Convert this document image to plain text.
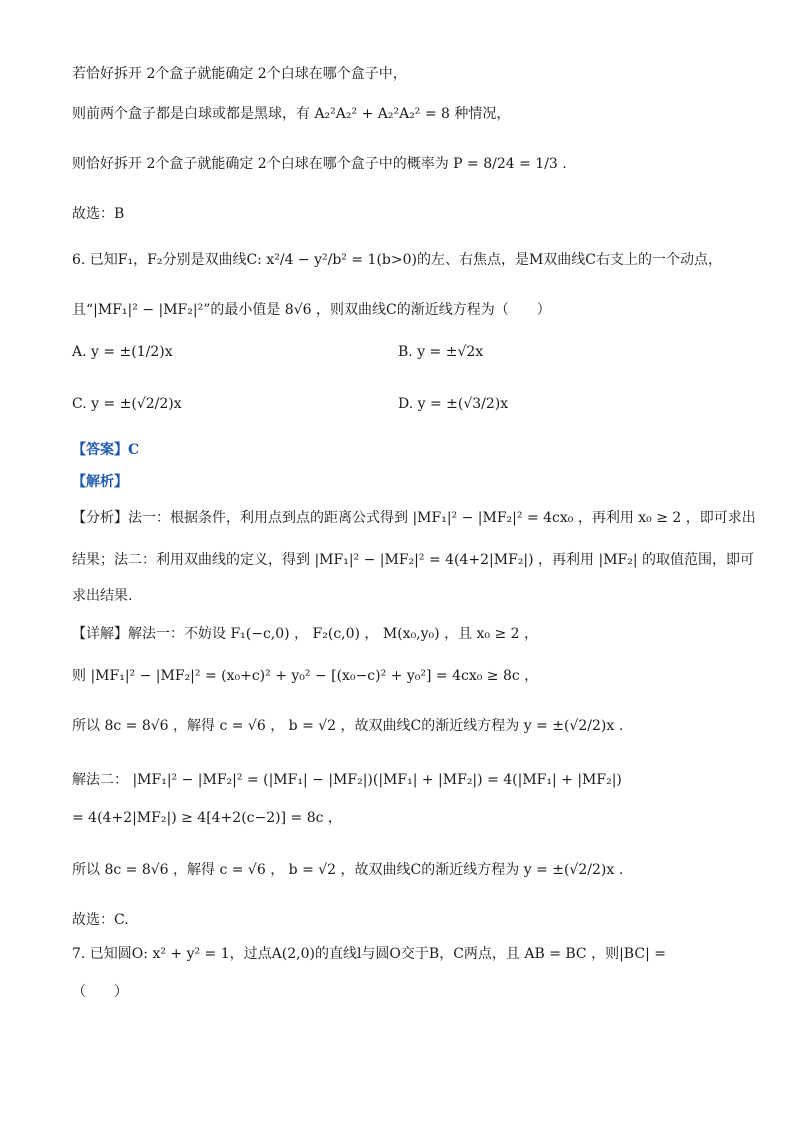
若恰好拆开 2个盒子就能确定 2个白球在哪个盒子中，
则前两个盒子都是白球或都是黑球，有 A₂²A₂² + A₂²A₂² = 8 种情况，
则恰好拆开 2个盒子就能确定 2个白球在哪个盒子中的概率为 P = 8/24 = 1/3 .
故选：B
6. 已知F₁，F₂分别是双曲线C: x²/4 − y²/b² = 1(b>0)的左、右焦点，是M双曲线C右支上的一个动点，
且“|MF₁|² − |MF₂|²”的最小值是 8√6 ，则双曲线C的渐近线方程为（　　）
A. y = ±(1/2)x	B. y = ±√2x
C. y = ±(√2/2)x	D. y = ±(√3/2)x
【答案】C
【解析】
【分析】法一：根据条件，利用点到点的距离公式得到 |MF₁|² − |MF₂|² = 4cx₀ ，再利用 x₀ ≥ 2 ，即可求出
结果；法二：利用双曲线的定义，得到 |MF₁|² − |MF₂|² = 4(4+2|MF₂|) ，再利用 |MF₂| 的取值范围，即可
求出结果.
【详解】解法一：不妨设 F₁(−c,0) ， F₂(c,0) ， M(x₀,y₀) ，且 x₀ ≥ 2 ，
则 |MF₁|² − |MF₂|² = (x₀+c)² + y₀² − [(x₀−c)² + y₀²] = 4cx₀ ≥ 8c ，
所以 8c = 8√6 ，解得 c = √6 ， b = √2 ，故双曲线C的渐近线方程为 y = ±(√2/2)x .
解法二： |MF₁|² − |MF₂|² = (|MF₁| − |MF₂|)(|MF₁| + |MF₂|) = 4(|MF₁| + |MF₂|)
= 4(4+2|MF₂|) ≥ 4[4+2(c−2)] = 8c ，
所以 8c = 8√6 ，解得 c = √6 ， b = √2 ，故双曲线C的渐近线方程为 y = ±(√2/2)x .
故选：C.
7. 已知圆O: x² + y² = 1，过点A(2,0)的直线l与圆O交于B，C两点，且 AB = BC ，则|BC| =
（　　）
